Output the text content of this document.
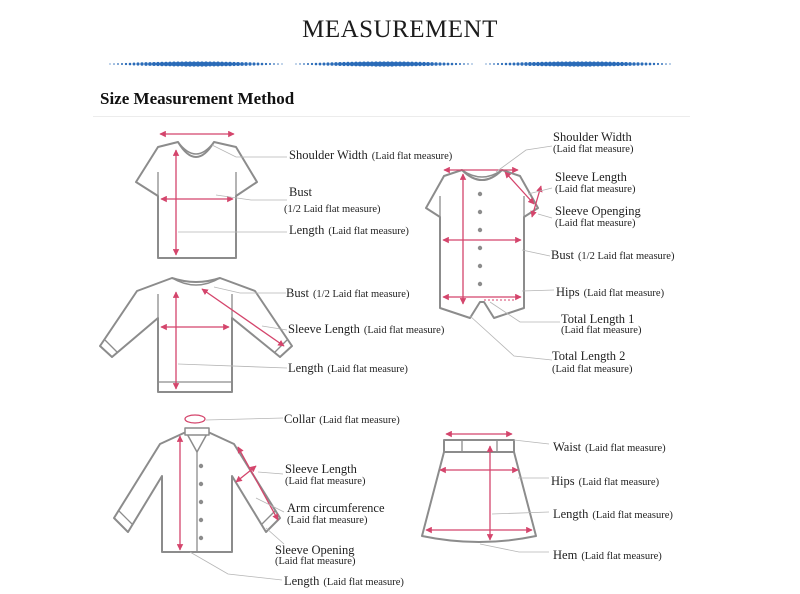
MEASUREMENT
Size Measurement Method
Shoulder Width (Laid flat measure)
Bust
(1/2 Laid flat measure)
Length (Laid flat measure)
Bust (1/2 Laid flat measure)
Sleeve Length (Laid flat measure)
Length (Laid flat measure)
Shoulder Width
(Laid flat measure)
Sleeve Length
(Laid flat measure)
Sleeve Openging
(Laid flat measure)
Bust (1/2 Laid flat measure)
Hips (Laid flat measure)
Total Length 1
(Laid flat measure)
Total Length 2
(Laid flat measure)
Collar (Laid flat measure)
Sleeve Length
(Laid flat measure)
Arm circumference
(Laid flat measure)
Sleeve Opening
(Laid flat measure)
Length (Laid flat measure)
Waist (Laid flat measure)
Hips (Laid flat measure)
Length (Laid flat measure)
Hem (Laid flat measure)
